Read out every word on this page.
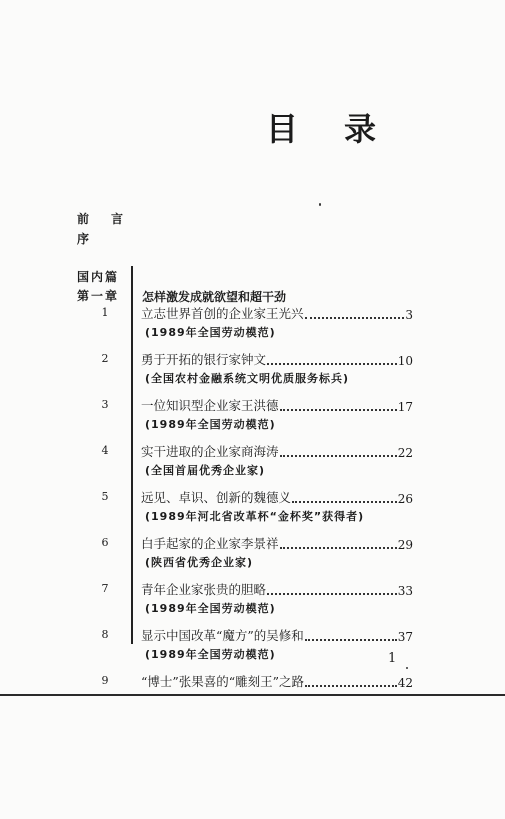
目 录
前 言
序
国内篇
第一章 怎样激发成就欲望和超干劲
1	立志世界首创的企业家王光兴	3
(1989年全国劳动模范)
2	勇于开拓的银行家钟文	10
(全国农村金融系统文明优质服务标兵)
3	一位知识型企业家王洪德	17
(1989年全国劳动模范)
4	实干进取的企业家商海涛	22
(全国首届优秀企业家)
5	远见、卓识、创新的魏德义	26
(1989年河北省改革杯“金杯奖”获得者)
6	白手起家的企业家李景祥	29
(陕西省优秀企业家)
7	青年企业家张贵的胆略	33
(1989年全国劳动模范)
8	显示中国改革“魔方”的吴修和	37
(1989年全国劳动模范)
9	“博士”张果喜的“雕刻王”之路	42
1
